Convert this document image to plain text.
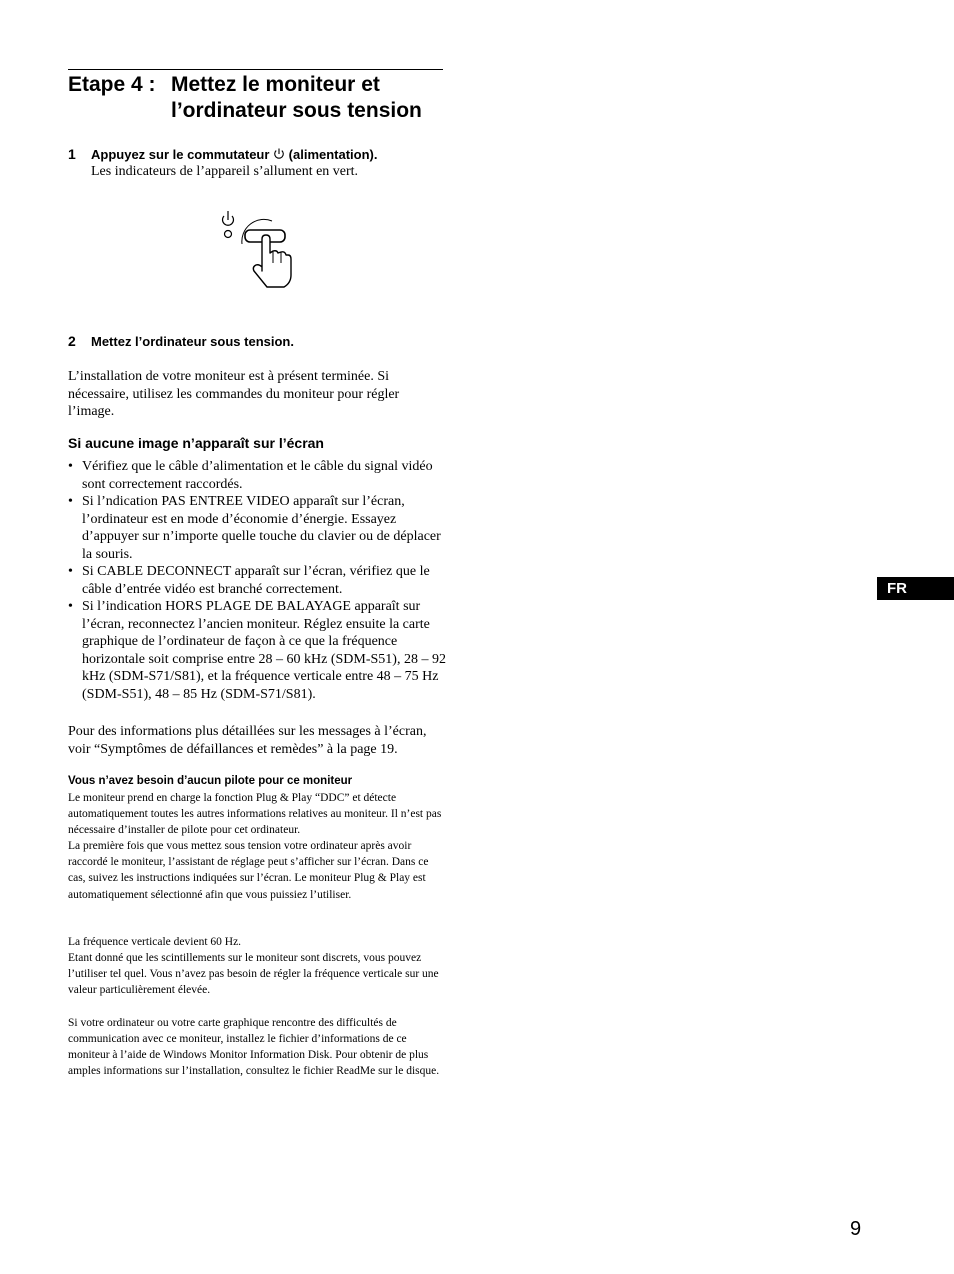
Etape 4 : Mettez le moniteur et
l’ordinateur sous tension
1 Appuyez sur le commutateur  (alimentation).
Les indicateurs de l’appareil s’allument en vert.
2 Mettez l’ordinateur sous tension.

L’installation de votre moniteur est à présent terminée. Si nécessaire, utilisez les commandes du moniteur pour régler l’image.

Si aucune image n’apparaît sur l’écran
• Vérifiez que le câble d’alimentation et le câble du signal vidéo sont correctement raccordés.
• Si l’ndication PAS ENTREE VIDEO apparaît sur l’écran, l’ordinateur est en mode d’économie d’énergie. Essayez d’appuyer sur n’importe quelle touche du clavier ou de déplacer la souris.
• Si CABLE DECONNECT apparaît sur l’écran, vérifiez que le câble d’entrée vidéo est branché correctement.
• Si l’indication HORS PLAGE DE BALAYAGE apparaît sur l’écran, reconnectez l’ancien moniteur. Réglez ensuite la carte graphique de l’ordinateur de façon à ce que la fréquence horizontale soit comprise entre 28 – 60 kHz (SDM-S51), 28 – 92 kHz (SDM-S71/S81), et la fréquence verticale entre 48 – 75 Hz (SDM-S51), 48 – 85 Hz (SDM-S71/S81).

Pour des informations plus détaillées sur les messages à l’écran, voir “Symptômes de défaillances et remèdes” à la page 19.

Vous n’avez besoin d’aucun pilote pour ce moniteur

Le moniteur prend en charge la fonction Plug & Play “DDC” et détecte automatiquement toutes les autres informations relatives au moniteur. Il n’est pas nécessaire d’installer de pilote pour cet ordinateur.

La première fois que vous mettez sous tension votre ordinateur après avoir raccordé le moniteur, l’assistant de réglage peut s’afficher sur l’écran. Dans ce cas, suivez les instructions indiquées sur l’écran. Le moniteur Plug & Play est automatiquement sélectionné afin que vous puissiez l’utiliser.

La fréquence verticale devient 60 Hz.

Etant donné que les scintillements sur le moniteur sont discrets, vous pouvez l’utiliser tel quel. Vous n’avez pas besoin de régler la fréquence verticale sur une valeur particulièrement élevée.

Si votre ordinateur ou votre carte graphique rencontre des difficultés de communication avec ce moniteur, installez le fichier d’informations de ce moniteur à l’aide de Windows Monitor Information Disk. Pour obtenir de plus amples informations sur l’installation, consultez le fichier ReadMe sur le disque.

FR
9
